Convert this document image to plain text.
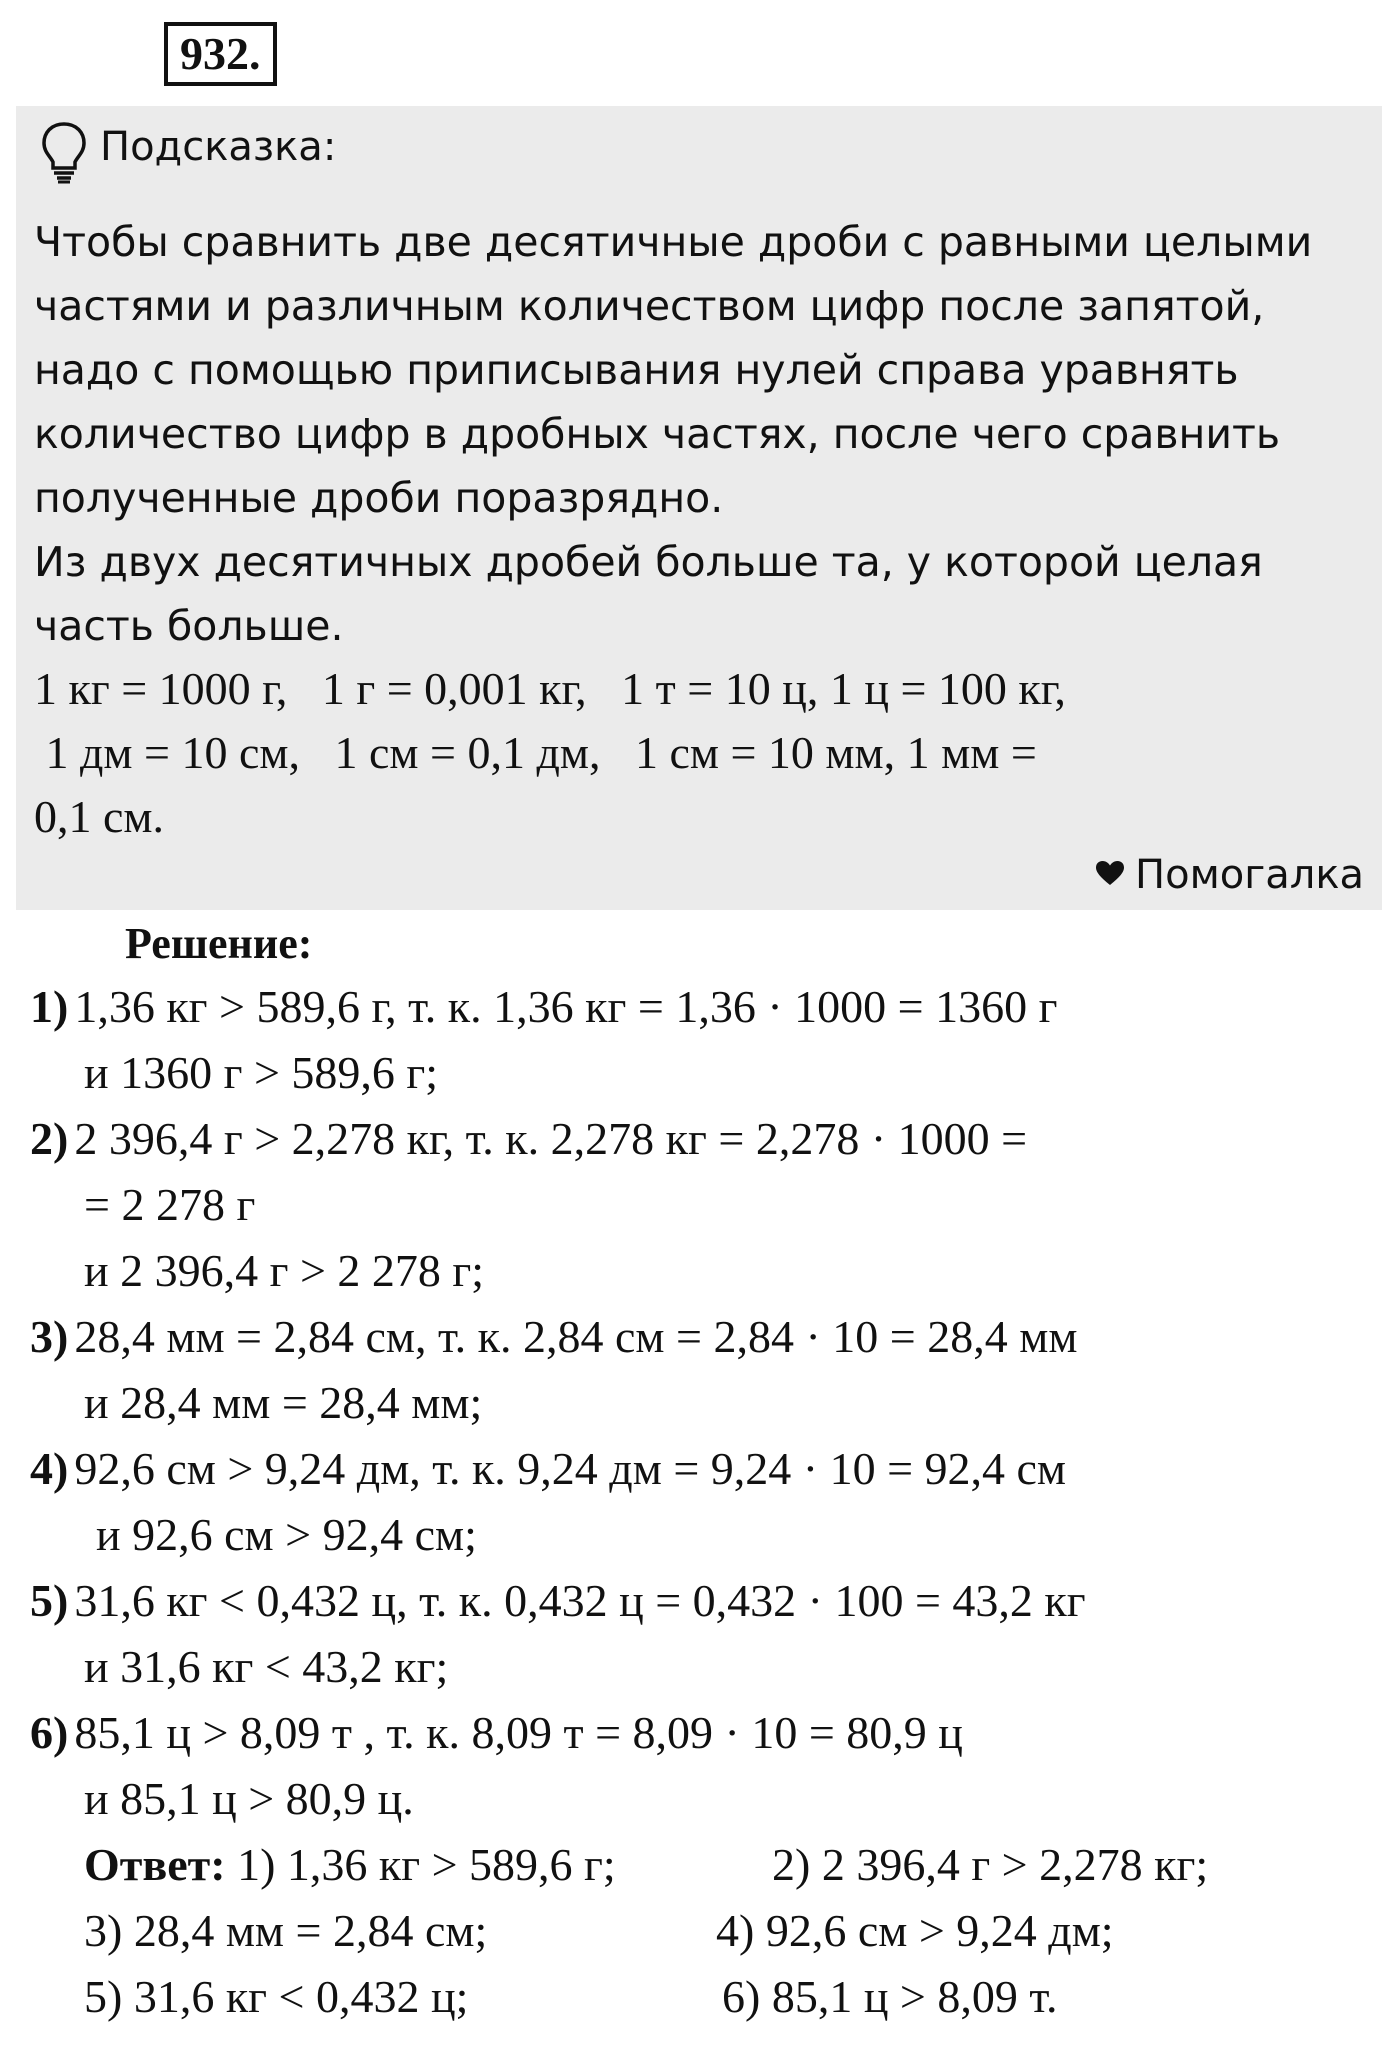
932.
Подсказка:
Чтобы сравнить две десятичные дроби с равными целыми
частями и различным количеством цифр после запятой,
надо с помощью приписывания нулей справа уравнять
количество цифр в дробных частях, после чего сравнить
полученные дроби поразрядно.
Из двух десятичных дробей больше та, у которой целая
часть больше.
1 кг = 1000 г,   1 г = 0,001 кг,   1 т = 10 ц, 1 ц = 100 кг,
1 дм = 10 см,   1 см = 0,1 дм,   1 см = 10 мм, 1 мм =
0,1 см.
Помогалка
Решение:
1) 1,36 кг > 589,6 г, т. к. 1,36 кг = 1,36 · 1000 = 1360 г
и 1360 г > 589,6 г;
2) 2 396,4 г > 2,278 кг, т. к. 2,278 кг = 2,278 · 1000 =
= 2 278 г
и 2 396,4 г > 2 278 г;
3) 28,4 мм = 2,84 см, т. к. 2,84 см = 2,84 · 10 = 28,4 мм
и 28,4 мм = 28,4 мм;
4) 92,6 см > 9,24 дм, т. к. 9,24 дм = 9,24 · 10 = 92,4 см
и 92,6 см > 92,4 см;
5) 31,6 кг < 0,432 ц, т. к. 0,432 ц = 0,432 · 100 = 43,2 кг
и 31,6 кг < 43,2 кг;
6) 85,1 ц > 8,09 т , т. к. 8,09 т = 8,09 · 10 = 80,9 ц
и 85,1 ц > 80,9 ц.
Ответ: 1) 1,36 кг > 589,6 г;	2) 2 396,4 г > 2,278 кг;
3) 28,4 мм = 2,84 см;	4) 92,6 см > 9,24 дм;
5) 31,6 кг < 0,432 ц;	6) 85,1 ц > 8,09 т.
